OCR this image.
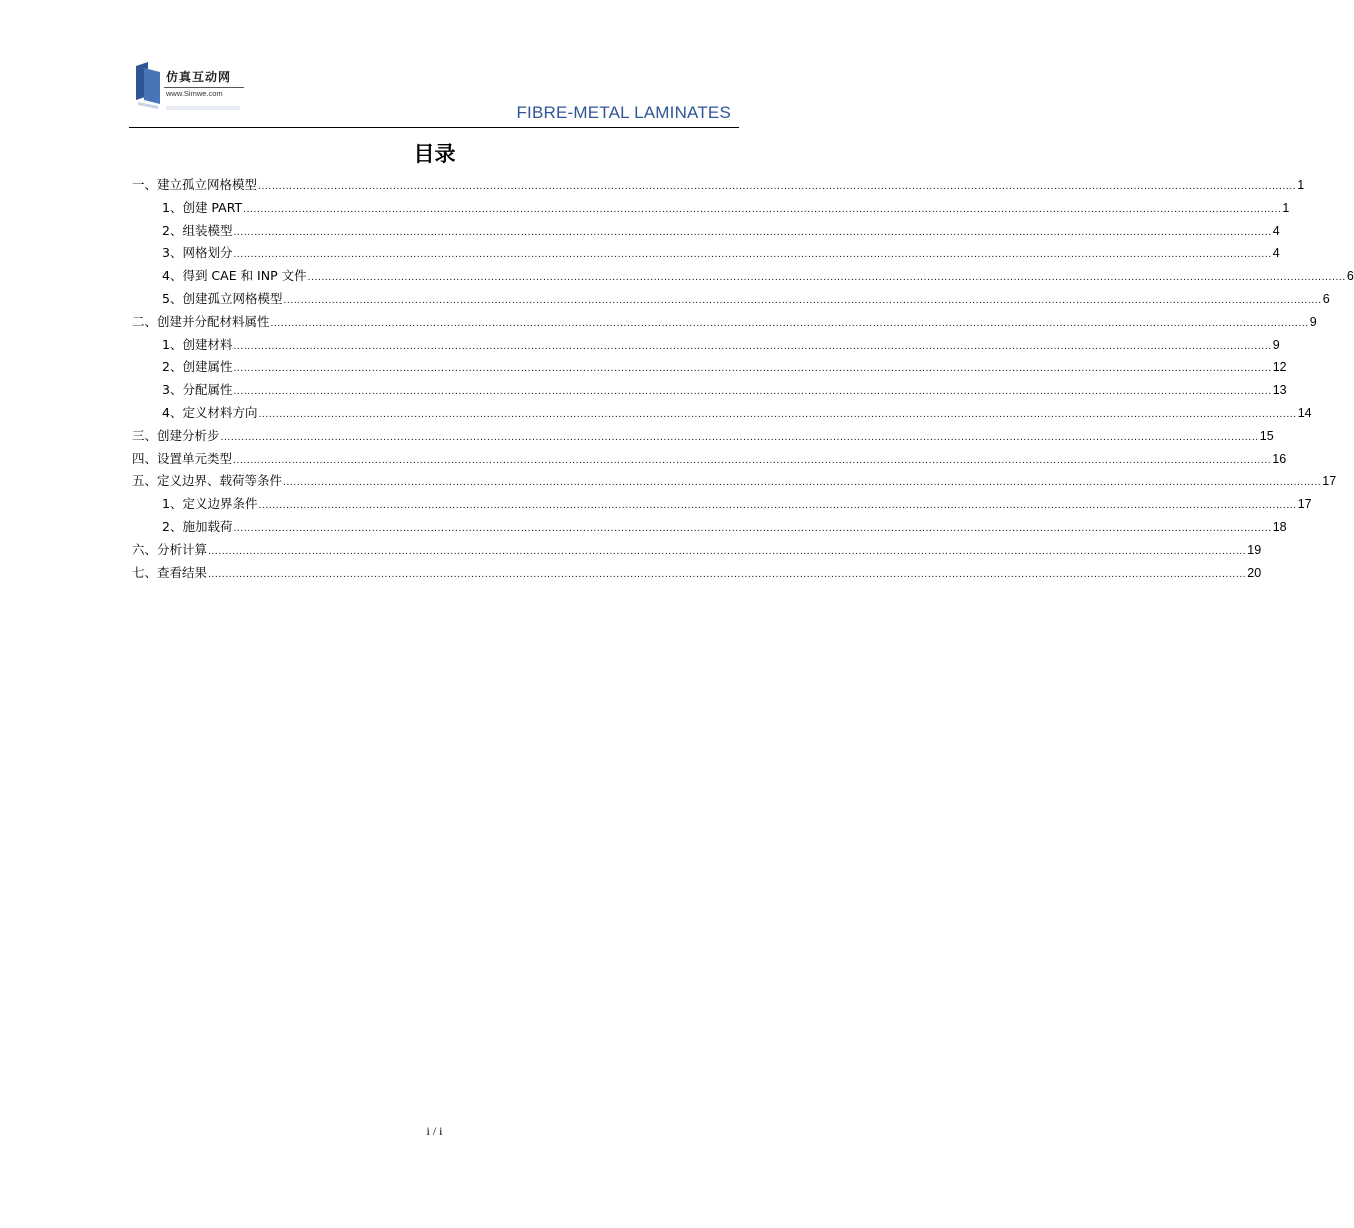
仿真互动网
www.Simwe.com
FIBRE-METAL LAMINATES
目录
一、建立孤立网格模型 ............................................................................................................................................................................................................................................................................................................ 1
1、创建 PART ............................................................................................................................................................................................................................................................................................................ 1
2、组装模型 ............................................................................................................................................................................................................................................................................................................ 4
3、网格划分 ............................................................................................................................................................................................................................................................................................................ 4
4、得到 CAE 和 INP 文件 ............................................................................................................................................................................................................................................................................................................ 6
5、创建孤立网格模型 ............................................................................................................................................................................................................................................................................................................ 6
二、创建并分配材料属性 ............................................................................................................................................................................................................................................................................................................ 9
1、创建材料 ............................................................................................................................................................................................................................................................................................................ 9
2、创建属性 ............................................................................................................................................................................................................................................................................................................ 12
3、分配属性 ............................................................................................................................................................................................................................................................................................................ 13
4、定义材料方向 ............................................................................................................................................................................................................................................................................................................ 14
三、创建分析步 ............................................................................................................................................................................................................................................................................................................ 15
四、设置单元类型 ............................................................................................................................................................................................................................................................................................................ 16
五、定义边界、载荷等条件 ............................................................................................................................................................................................................................................................................................................ 17
1、定义边界条件 ............................................................................................................................................................................................................................................................................................................ 17
2、施加载荷 ............................................................................................................................................................................................................................................................................................................ 18
六、分析计算 ............................................................................................................................................................................................................................................................................................................ 19
七、查看结果 ............................................................................................................................................................................................................................................................................................................ 20
i / i
